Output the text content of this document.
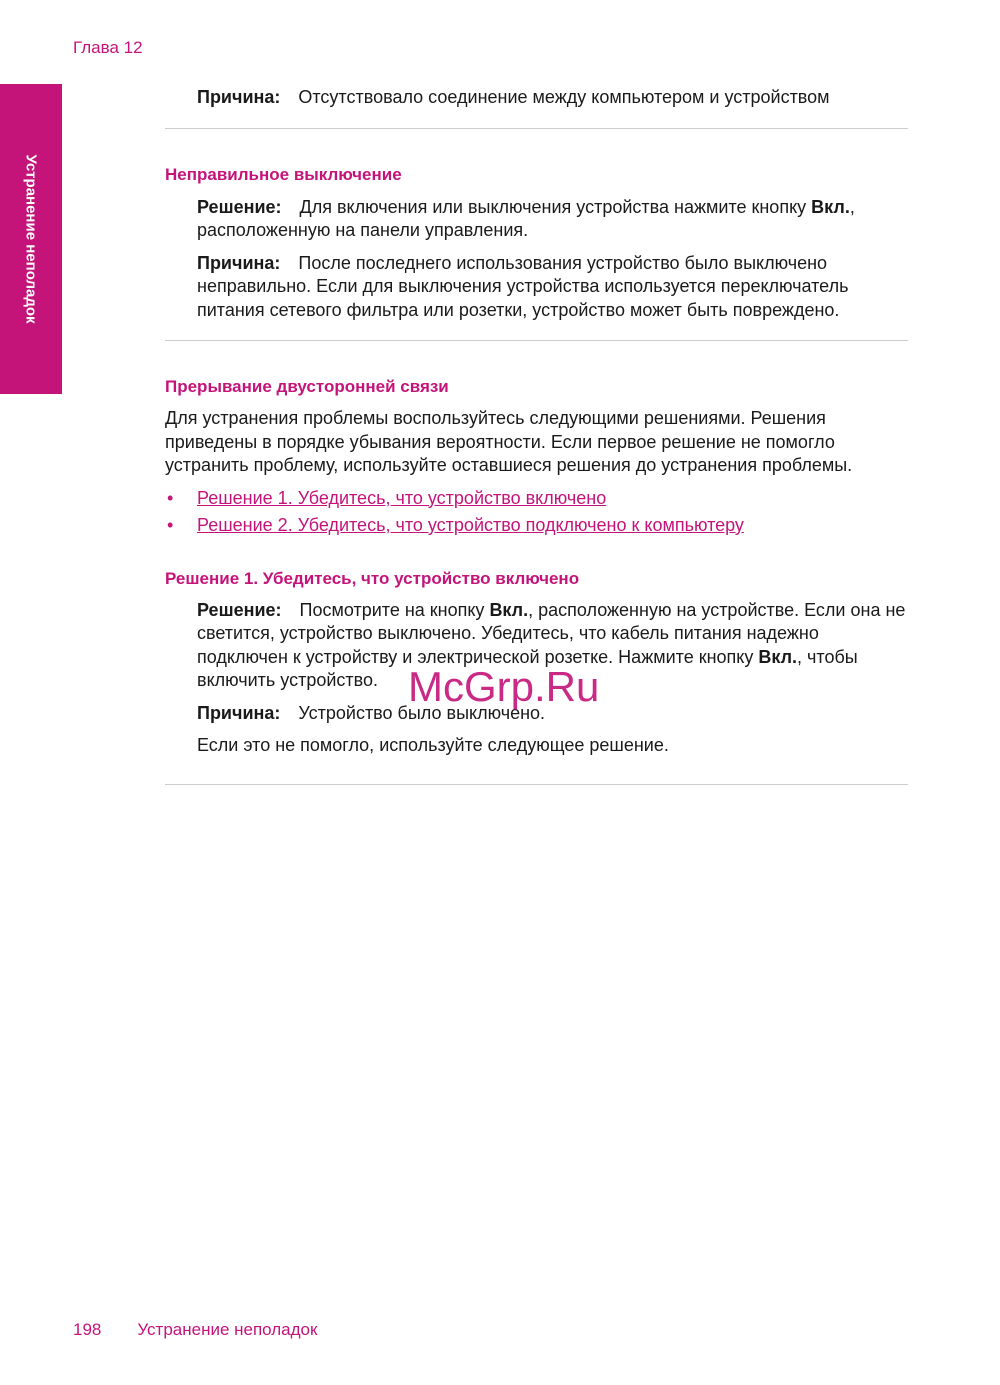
Глава 12
Устранение неполадок

Причина: Отсутствовало соединение между компьютером и устройством

Неправильное выключение

Решение: Для включения или выключения устройства нажмите кнопку Вкл., расположенную на панели управления.

Причина: После последнего использования устройство было выключено неправильно. Если для выключения устройства используется переключатель питания сетевого фильтра или розетки, устройство может быть повреждено.

Прерывание двусторонней связи

Для устранения проблемы воспользуйтесь следующими решениями. Решения приведены в порядке убывания вероятности. Если первое решение не помогло устранить проблему, используйте оставшиеся решения до устранения проблемы.

• Решение 1. Убедитесь, что устройство включено
• Решение 2. Убедитесь, что устройство подключено к компьютеру
Решение 1. Убедитесь, что устройство включено

Решение: Посмотрите на кнопку Вкл., расположенную на устройстве. Если она не светится, устройство выключено. Убедитесь, что кабель питания надежно подключен к устройству и электрической розетке. Нажмите кнопку Вкл., чтобы включить устройство.

Причина: Устройство было выключено.

Если это не помогло, используйте следующее решение.

McGrp.Ru
198 Устранение неполадок
